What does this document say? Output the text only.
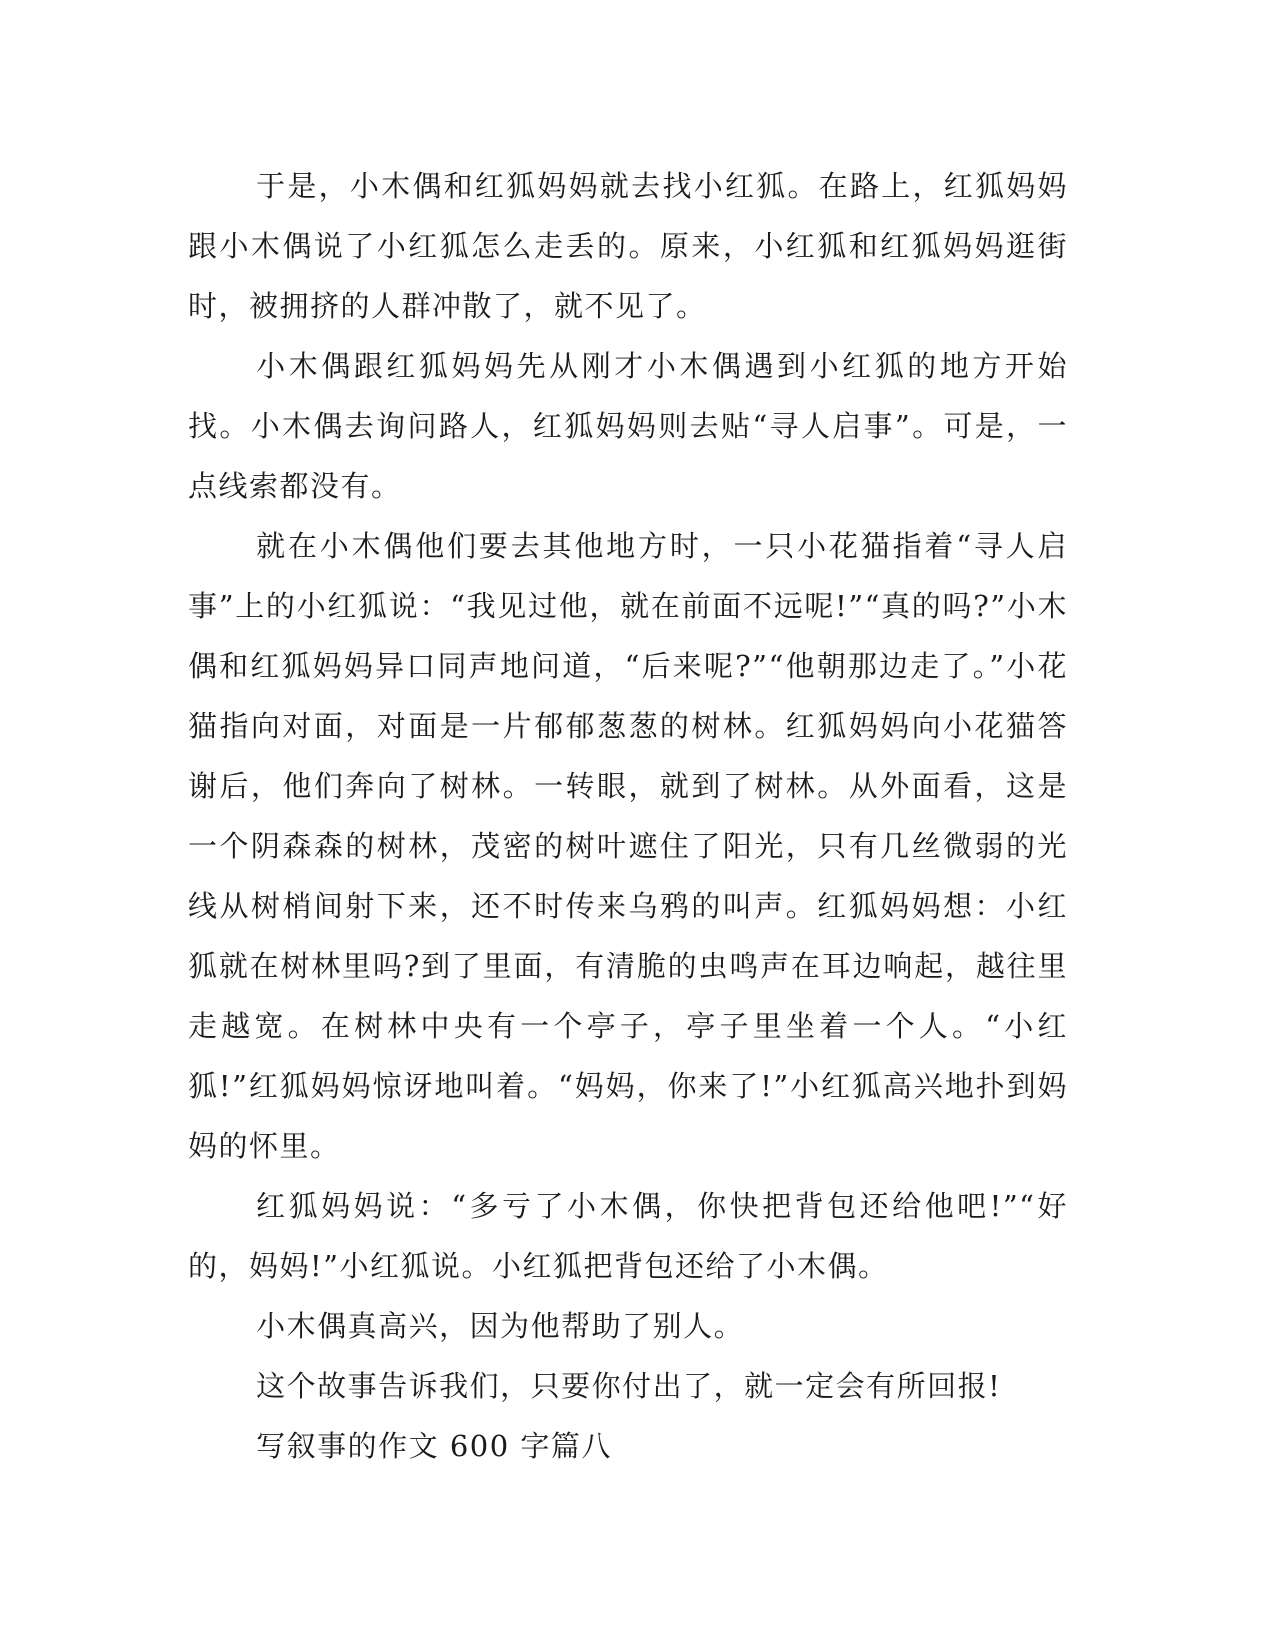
于是，小木偶和红狐妈妈就去找小红狐。在路上，红狐妈妈跟小木偶说了小红狐怎么走丢的。原来，小红狐和红狐妈妈逛街时，被拥挤的人群冲散了，就不见了。

小木偶跟红狐妈妈先从刚才小木偶遇到小红狐的地方开始找。小木偶去询问路人，红狐妈妈则去贴“寻人启事”。可是，一点线索都没有。

就在小木偶他们要去其他地方时，一只小花猫指着“寻人启事”上的小红狐说：“我见过他，就在前面不远呢!”“真的吗?”小木偶和红狐妈妈异口同声地问道，“后来呢?”“他朝那边走了。”小花猫指向对面，对面是一片郁郁葱葱的树林。红狐妈妈向小花猫答谢后，他们奔向了树林。一转眼，就到了树林。从外面看，这是一个阴森森的树林，茂密的树叶遮住了阳光，只有几丝微弱的光线从树梢间射下来，还不时传来乌鸦的叫声。红狐妈妈想：小红狐就在树林里吗?到了里面，有清脆的虫鸣声在耳边响起，越往里走越宽。在树林中央有一个亭子，亭子里坐着一个人。“小红狐!”红狐妈妈惊讶地叫着。“妈妈，你来了!”小红狐高兴地扑到妈妈的怀里。

红狐妈妈说：“多亏了小木偶，你快把背包还给他吧!”“好的，妈妈!”小红狐说。小红狐把背包还给了小木偶。

小木偶真高兴，因为他帮助了别人。

这个故事告诉我们，只要你付出了，就一定会有所回报!

写叙事的作文 600 字篇八
